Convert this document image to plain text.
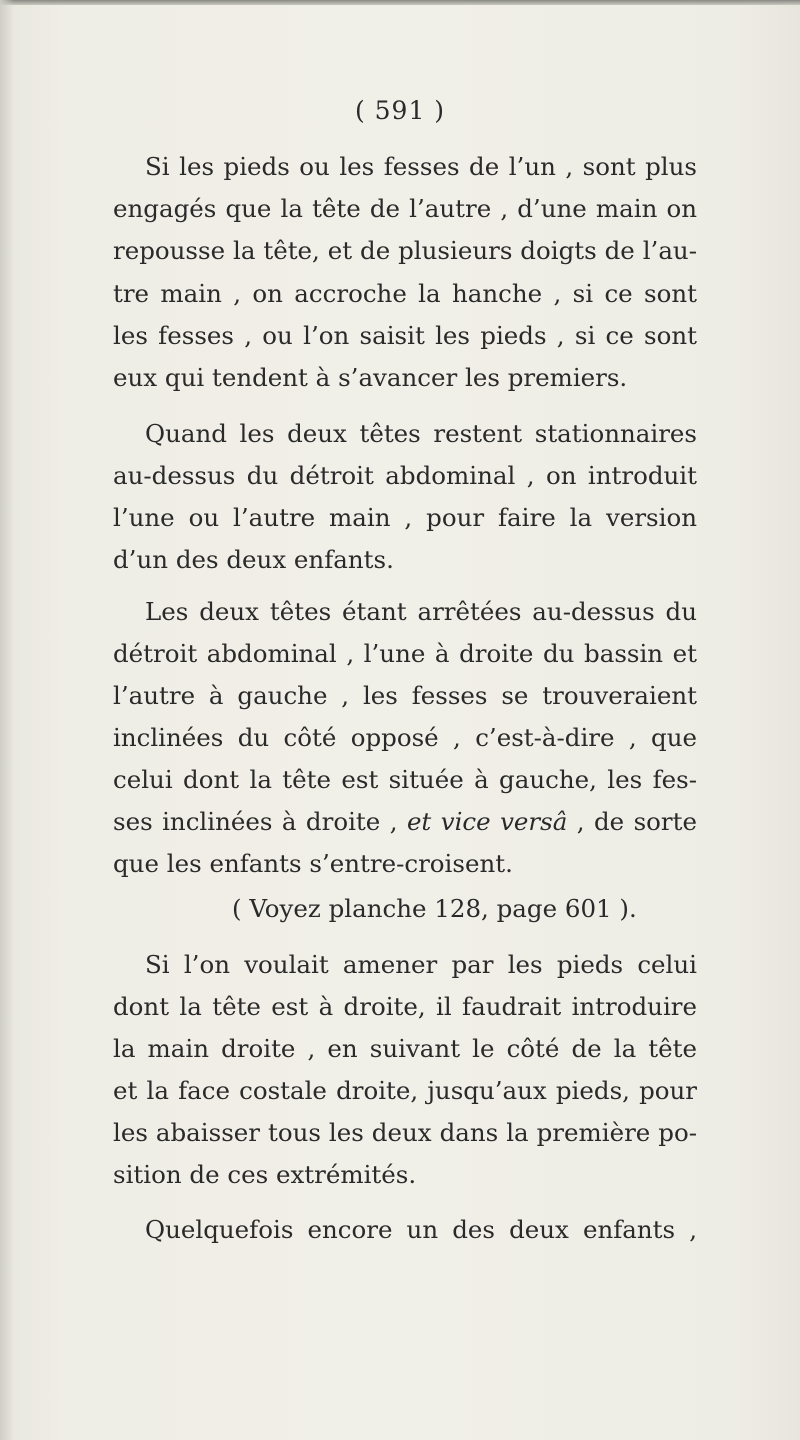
( 591 )
Si les pieds ou les fesses de l’un , sont plus
engagés que la tête de l’autre , d’une main on
repousse la tête, et de plusieurs doigts de l’au-
tre main , on accroche la hanche , si ce sont
les fesses , ou l’on saisit les pieds , si ce sont
eux qui tendent à s’avancer les premiers.
Quand les deux têtes restent stationnaires
au-dessus du détroit abdominal , on introduit
l’une ou l’autre main , pour faire la version
d’un des deux enfants.
Les deux têtes étant arrêtées au-dessus du
détroit abdominal , l’une à droite du bassin et
l’autre à gauche , les fesses se trouveraient
inclinées du côté opposé , c’est-à-dire , que
celui dont la tête est située à gauche, les fes-
ses inclinées à droite , et vice versâ , de sorte
que les enfants s’entre-croisent.
( Voyez planche 128, page 601 ).
Si l’on voulait amener par les pieds celui
dont la tête est à droite, il faudrait introduire
la main droite , en suivant le côté de la tête
et la face costale droite, jusqu’aux pieds, pour
les abaisser tous les deux dans la première po-
sition de ces extrémités.
Quelquefois encore un des deux enfants ,
